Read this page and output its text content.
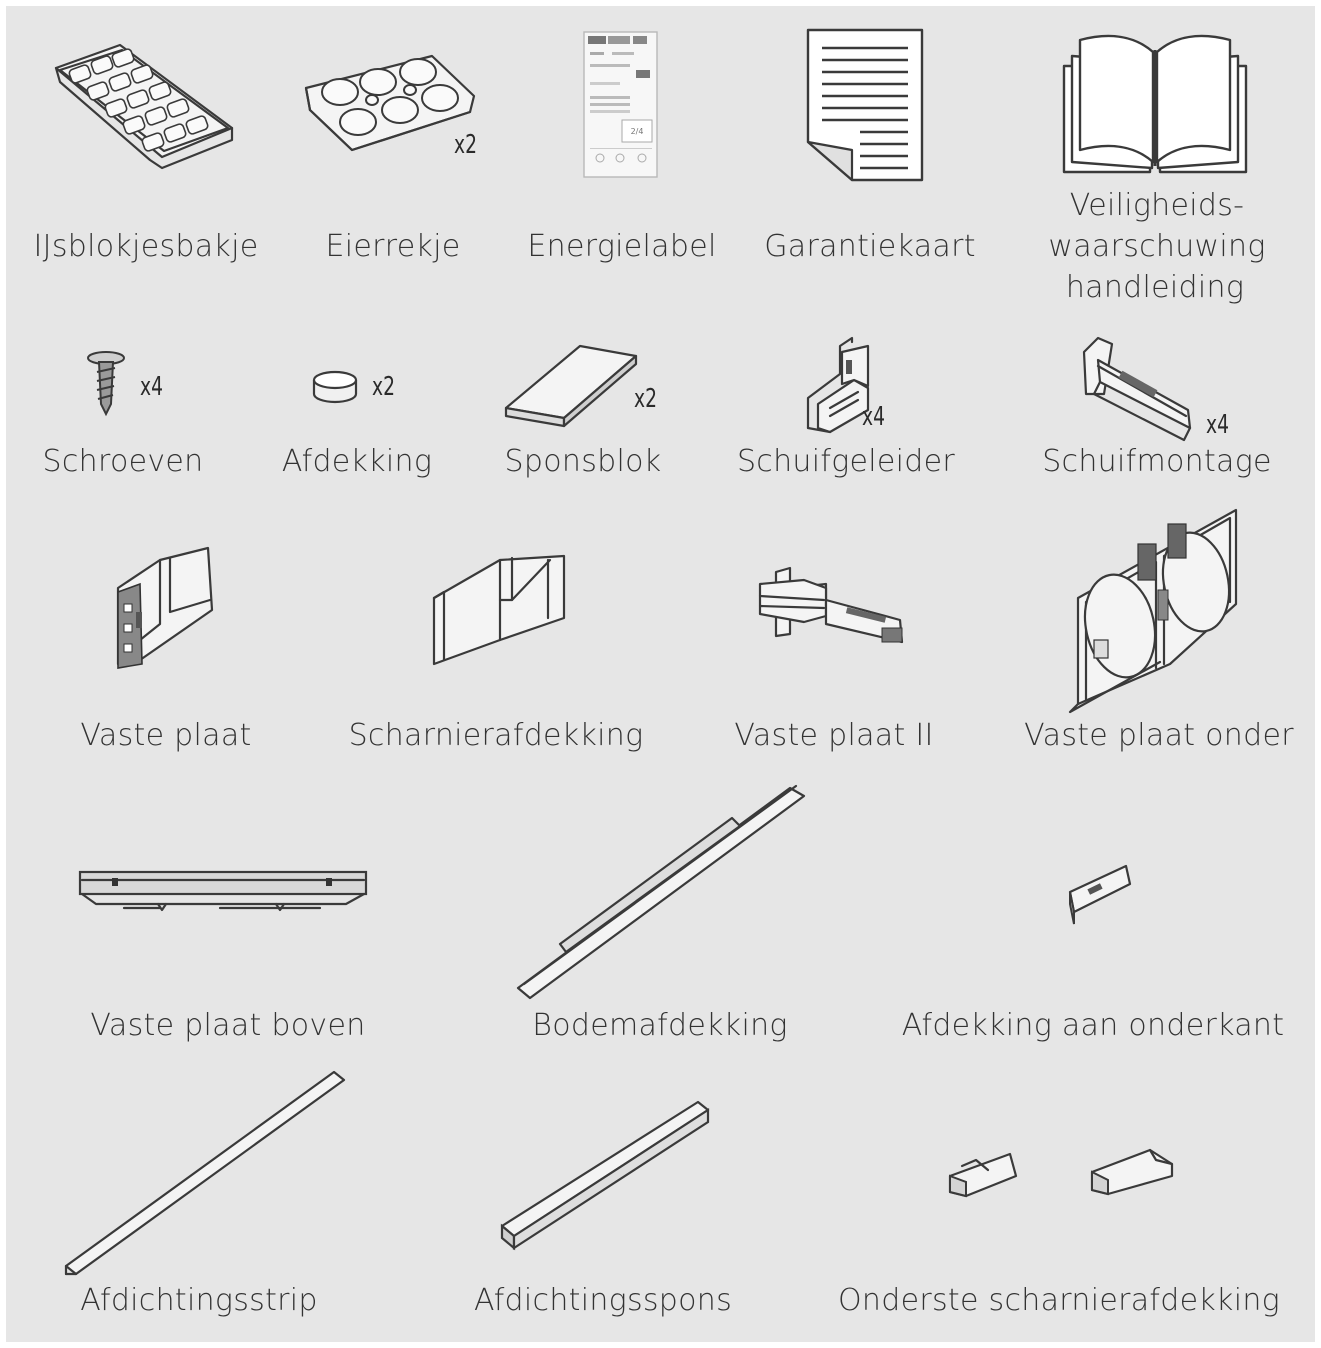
2/4
x2
x4	x2	x2
x4	x4
IJsblokjesbakje Eierrekje Energielabel Garantiekaart
Veiligheids-
waarschuwing
handleiding
Schroeven	Afdekking Sponsblok	Schuifgeleider	Schuifmontage
Vaste plaat	Scharnierafdekking	Vaste plaat II	Vaste plaat onder
Vaste plaat boven	Bodemafdekking	Afdekking aan onderkant
Afdichtingsstrip	Afdichtingsspons	Onderste scharnierafdekking
